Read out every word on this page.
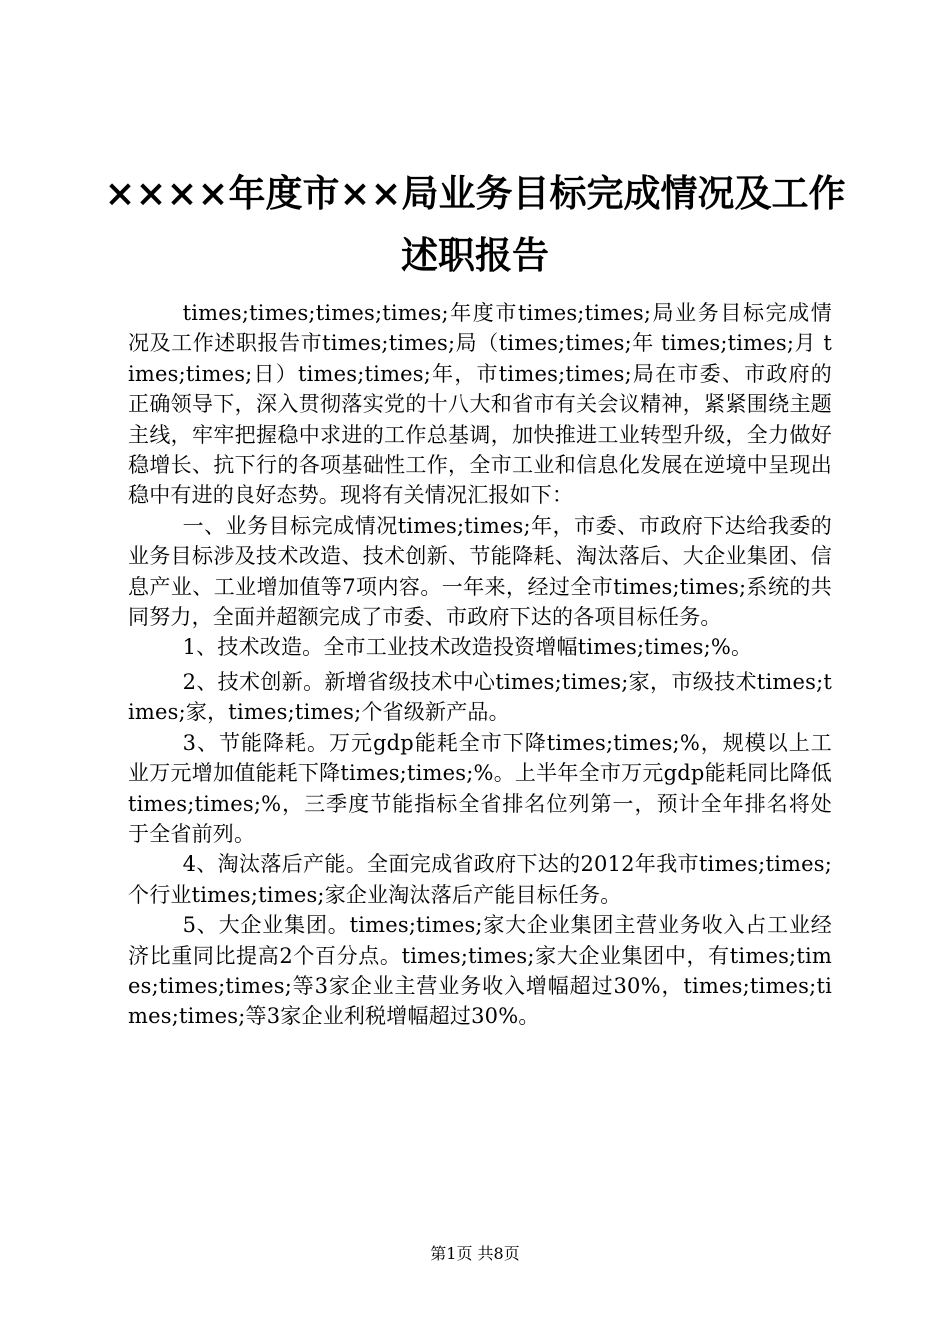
××××年度市××局业务目标完成情况及工作述职报告

times;times;times;times;年度市times;times;局业务目标完成情况及工作述职报告市times;times;局（times;times;年 times;times;月 times;times;日）times;times;年，市times;times;局在市委、市政府的正确领导下，深入贯彻落实党的十八大和省市有关会议精神，紧紧围绕主题主线，牢牢把握稳中求进的工作总基调，加快推进工业转型升级，全力做好稳增长、抗下行的各项基础性工作，全市工业和信息化发展在逆境中呈现出稳中有进的良好态势。现将有关情况汇报如下：

一、业务目标完成情况times;times;年，市委、市政府下达给我委的业务目标涉及技术改造、技术创新、节能降耗、淘汰落后、大企业集团、信息产业、工业增加值等7项内容。一年来，经过全市times;times;系统的共同努力，全面并超额完成了市委、市政府下达的各项目标任务。

1、技术改造。全市工业技术改造投资增幅times;times;%。

2、技术创新。新增省级技术中心times;times;家，市级技术times;times;家，times;times;个省级新产品。

3、节能降耗。万元gdp能耗全市下降times;times;%，规模以上工业万元增加值能耗下降times;times;%。上半年全市万元gdp能耗同比降低times;times;%，三季度节能指标全省排名位列第一，预计全年排名将处于全省前列。

4、淘汰落后产能。全面完成省政府下达的2012年我市times;times;个行业times;times;家企业淘汰落后产能目标任务。

5、大企业集团。times;times;家大企业集团主营业务收入占工业经济比重同比提高2个百分点。times;times;家大企业集团中，有times;times;times;times;等3家企业主营业务收入增幅超过30%，times;times;times;times;等3家企业利税增幅超过30%。

第1页 共8页
